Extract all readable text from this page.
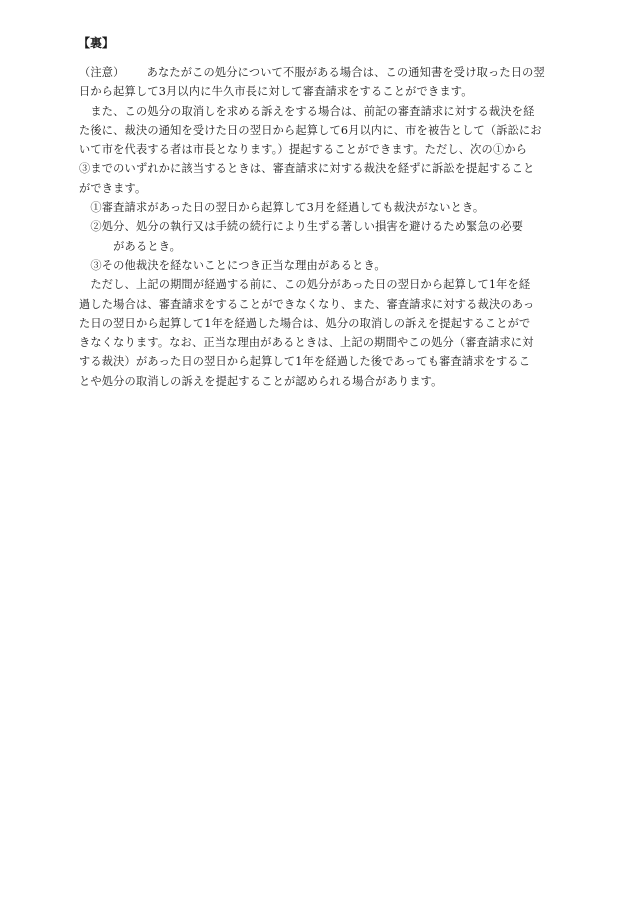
【裏】
（注意） あなたがこの処分について不服がある場合は、この通知書を受け取った日の翌
日から起算して3月以内に牛久市長に対して審査請求をすることができます。
　また、この処分の取消しを求める訴えをする場合は、前記の審査請求に対する裁決を経
た後に、裁決の通知を受けた日の翌日から起算して6月以内に、市を被告として（訴訟にお
いて市を代表する者は市長となります。）提起することができます。ただし、次の①から
③までのいずれかに該当するときは、審査請求に対する裁決を経ずに訴訟を提起すること
ができます。
　①審査請求があった日の翌日から起算して3月を経過しても裁決がないとき。
　②処分、処分の執行又は手続の続行により生ずる著しい損害を避けるため緊急の必要
　　　があるとき。
　③その他裁決を経ないことにつき正当な理由があるとき。
　ただし、上記の期間が経過する前に、この処分があった日の翌日から起算して1年を経
過した場合は、審査請求をすることができなくなり、また、審査請求に対する裁決のあっ
た日の翌日から起算して1年を経過した場合は、処分の取消しの訴えを提起することがで
きなくなります。なお、正当な理由があるときは、上記の期間やこの処分（審査請求に対
する裁決）があった日の翌日から起算して1年を経過した後であっても審査請求をするこ
とや処分の取消しの訴えを提起することが認められる場合があります。
